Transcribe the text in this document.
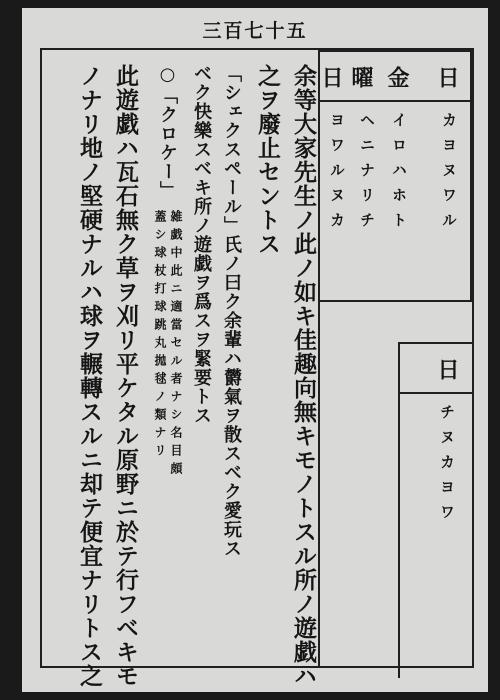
三百七十五
日
金
曜
日
カヨヌワル
イロハホト
ヘニナリチ
ヨワルヌカ
日
チヌカヨワ
余等大家先生ノ此ノ如キ佳趣向無キモノトスル所ノ遊戯ハ
之ヲ廢止セントス
「シェクスペール」氏ノ曰ク余輩ハ欝氣ヲ散スベク愛玩ス
ベク快樂スベキ所ノ遊戯ヲ爲スヲ緊要トス
○「クロケー」
雑戯中此ニ適當セル者ナシ名目頗
蓋シ球杖打球跳丸拋毬ノ類ナリ
此遊戯ハ瓦石無ク草ヲ刈リ平ケタル原野ニ於テ行フベキモ
ノナリ地ノ堅硬ナルハ球ヲ輾轉スルニ却テ便宜ナリトス之
